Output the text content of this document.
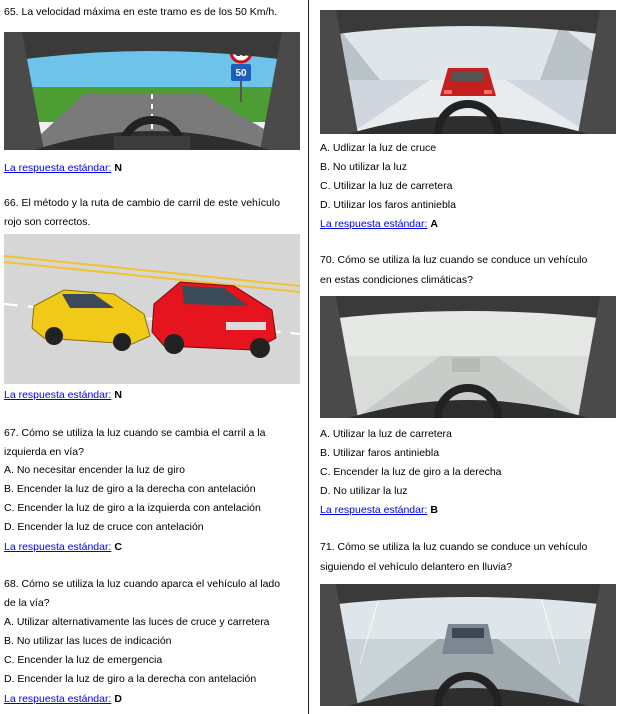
65. La velocidad máxima en este tramo es de los 50 Km/h.
50
La respuesta estándar: N
66. El método y la ruta de cambio de carril de este vehículo
rojo son correctos.
La respuesta estándar: N
67. Cómo se utiliza la luz cuando se cambia el carril a la
izquierda en vía?
A. No necesitar encender la luz de giro
B. Encender la luz de giro a la derecha con antelación
C. Encender la luz de giro a la izquierda con antelación
D. Encender la luz de cruce con antelación
La respuesta estándar: C
68. Cómo se utiliza la luz cuando aparca el vehículo al lado
de la vía?
A. Utilizar alternativamente las luces de cruce y carretera
B. No utilizar las luces de indicación
C. Encender la luz de emergencia
D. Encender la luz de giro a la derecha con antelación
La respuesta estándar: D
A. Udlizar la luz de cruce
B. No utilizar la luz
C. Utilizar la luz de carretera
D. Utilizar los faros antiniebla
La respuesta estándar: A
70. Cómo se utiliza la luz cuando se conduce un vehículo
en estas condiciones climáticas?
A. Utilizar la luz de carretera
B. Utilizar faros antiniebla
C. Encender la luz de giro a la derecha
D. No utilizar la luz
La respuesta estándar: B
71. Cómo se utiliza la luz cuando se conduce un vehículo
siguiendo el vehículo delantero en lluvia?
